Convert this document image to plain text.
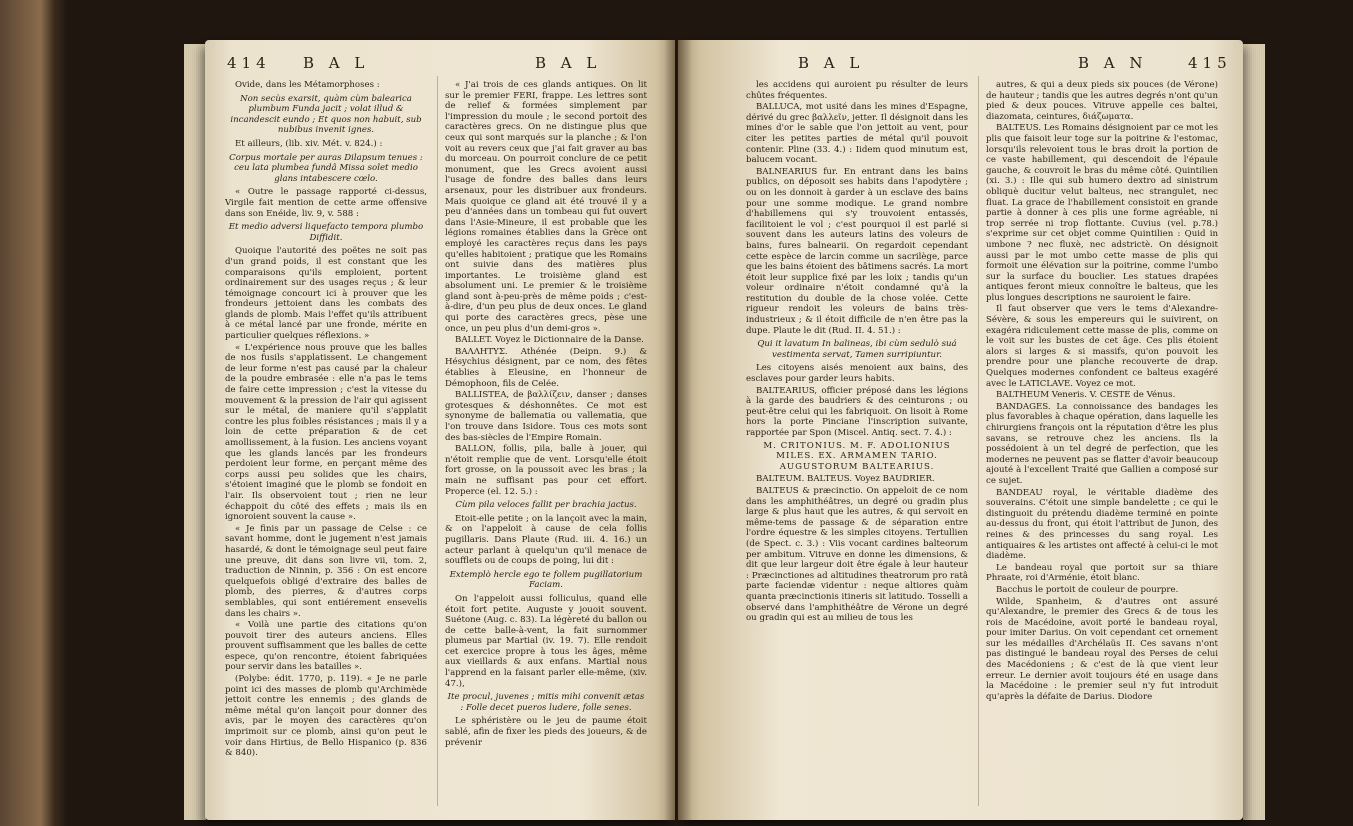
414 B A L	B A L

Ovide, dans les Métamorphoses :

Non secùs exarsit, quàm cùm balearica plumbum Funda jacit ; volat illud & incandescit eundo ; Et quos non habuit, sub nubibus invenit ignes.

Et ailleurs, (lib. xiv. Mét. v. 824.) :

Corpus mortale per auras Dilapsum tenues : ceu lata plumbea fundâ Missa solet medio glans intabescere cœlo.

« Outre le passage rapporté ci-dessus, Virgile fait mention de cette arme offensive dans son Enéide, liv. 9, v. 588 :

Et medio adversi liquefacto tempora plumbo Diffidit.

Quoique l'autorité des poëtes ne soit pas d'un grand poids, il est constant que les comparaisons qu'ils emploient, portent ordinairement sur des usages reçus ; & leur témoignage concourt ici à prouver que les frondeurs jettoient dans les combats des glands de plomb. Mais l'effet qu'ils attribuent à ce métal lancé par une fronde, mérite en particulier quelques réflexions. »

« L'expérience nous prouve que les balles de nos fusils s'applatissent. Le changement de leur forme n'est pas causé par la chaleur de la poudre embrasée : elle n'a pas le tems de faire cette impression ; c'est la vitesse du mouvement & la pression de l'air qui agissent sur le métal, de maniere qu'il s'applatit contre les plus foibles résistances ; mais il y a loin de cette préparation & de cet amollissement, à la fusion. Les anciens voyant que les glands lancés par les frondeurs perdoient leur forme, en perçant même des corps aussi peu solides que les chairs, s'étoient imaginé que le plomb se fondoit en l'air. Ils observoient tout ; rien ne leur échappoit du côté des effets ; mais ils en ignoroient souvent la cause ».

« Je finis par un passage de Celse : ce savant homme, dont le jugement n'est jamais hasardé, & dont le témoignage seul peut faire une preuve, dit dans son livre vii, tom. 2, traduction de Ninnin, p. 356 : On est encore quelquefois obligé d'extraire des balles de plomb, des pierres, & d'autres corps semblables, qui sont entiérement ensevelis dans les chairs ».

« Voilà une partie des citations qu'on pouvoit tirer des auteurs anciens. Elles prouvent suffisamment que les balles de cette espece, qu'on rencontre, étoient fabriquées pour servir dans les batailles ».

(Polybe: édit. 1770, p. 119). « Je ne parle point ici des masses de plomb qu'Archimède jettoit contre les ennemis ; des glands de même métal qu'on lançoit pour donner des avis, par le moyen des caractères qu'on imprimoit sur ce plomb, ainsi qu'on peut le voir dans Hirtius, de Bello Hispanico (p. 836 & 840).

« J'ai trois de ces glands antiques. On lit sur le premier FERI, frappe. Les lettres sont de relief & formées simplement par l'impression du moule ; le second portoit des caractères grecs. On ne distingue plus que ceux qui sont marqués sur la planche ; & l'on voit au revers ceux que j'ai fait graver au bas du morceau. On pourroit conclure de ce petit monument, que les Grecs avoient aussi l'usage de fondre des balles dans leurs arsenaux, pour les distribuer aux frondeurs. Mais quoique ce gland ait été trouvé il y a peu d'années dans un tombeau qui fut ouvert dans l'Asie-Mineure, il est probable que les légions romaines établies dans la Grèce ont employé les caractères reçus dans les pays qu'elles habitoient ; pratique que les Romains ont suivie dans des matières plus importantes. Le troisième gland est absolument uni. Le premier & le troisième gland sont à-peu-près de même poids ; c'est-à-dire, d'un peu plus de deux onces. Le gland qui porte des caractères grecs, pèse une once, un peu plus d'un demi-gros ».

BALLET. Voyez le Dictionnaire de la Danse.

ΒΑΛΛΗΤΥΣ. Athénée (Deipn. 9.) & Hésychius désignent, par ce nom, des fêtes établies à Eleusine, en l'honneur de Démophoon, fils de Celée.

BALLISTEA, de βαλλίζειν, danser ; danses grotesques & déshonnêtes. Ce mot est synonyme de ballematia ou vallematia, que l'on trouve dans Isidore. Tous ces mots sont des bas-siècles de l'Empire Romain.

BALLON, follis, pila, balle à jouer, qui n'étoit remplie que de vent. Lorsqu'elle étoit fort grosse, on la poussoit avec les bras ; la main ne suffisant pas pour cet effort. Properce (el. 12. 5.) :

Cùm pila veloces fallit per brachia jactus.

Etoit-elle petite ; on la lançoit avec la main, & on l'appeloit à cause de cela follis pugillaris. Dans Plaute (Rud. iii. 4. 16.) un acteur parlant à quelqu'un qu'il menace de soufflets ou de coups de poing, lui dit :

Extemplò hercle ego te follem pugillatorium Faciam.

On l'appeloit aussi folliculus, quand elle étoit fort petite. Auguste y jouoit souvent. Suétone (Aug. c. 83). La légèreté du ballon ou de cette balle-à-vent, la fait surnommer plumeus par Martial (iv. 19. 7). Elle rendoit cet exercice propre à tous les âges, même aux vieillards & aux enfans. Martial nous l'apprend en la faisant parler elle-même, (xiv. 47.),

Ite procul, juvenes ; mitis mihi convenit ætas : Folle decet pueros ludere, folle senes.

Le sphéristère ou le jeu de paume étoit sablé, afin de fixer les pieds des joueurs, & de prévenir

B A L	B A N	415

les accidens qui auroient pu résulter de leurs chûtes fréquentes.

BALLUCA, mot usité dans les mines d'Espagne, dérivé du grec βαλλεῖν, jetter. Il désignoit dans les mines d'or le sable que l'on jettoit au vent, pour citer les petites parties de métal qu'il pouvoit contenir. Pline (33. 4.) : Iidem quod minutum est, balucem vocant.

BALNEARIUS fur. En entrant dans les bains publics, on déposoit ses habits dans l'apodytère ; ou on les donnoit à garder à un esclave des bains pour une somme modique. Le grand nombre d'habillemens qui s'y trouvoient entassés, facilitoient le vol ; c'est pourquoi il est parlé si souvent dans les auteurs latins des voleurs de bains, fures balnearii. On regardoit cependant cette espèce de larcin comme un sacrilège, parce que les bains étoient des bâtimens sacrés. La mort étoit leur supplice fixé par les loix ; tandis qu'un voleur ordinaire n'étoit condamné qu'à la restitution du double de la chose volée. Cette rigueur rendoit les voleurs de bains très-industrieux ; & il étoit difficile de n'en être pas la dupe. Plaute le dit (Rud. II. 4. 51.) :

Qui it lavatum In balineas, ibi cùm sedulò suá vestimenta servat, Tamen surripiuntur.

Les citoyens aisés menoient aux bains, des esclaves pour garder leurs habits.

BALTEARIUS, officier préposé dans les légions à la garde des baudriers & des ceinturons ; ou peut-être celui qui les fabriquoit. On lisoit à Rome hors la porte Pinciane l'inscription suivante, rapportée par Spon (Miscel. Antiq. sect. 7. 4.) :

M. CRITONIUS. M. F. ADOLIONIUS MILES. EX. ARMAMEN TARIO. AUGUSTORUM BALTEARIUS.

BALTEUM. BALTEUS. Voyez BAUDRIER.

BALTEUS & præcinctio. On appeloit de ce nom dans les amphithéâtres, un degré ou gradin plus large & plus haut que les autres, & qui servoit en même-tems de passage & de séparation entre l'ordre équestre & les simples citoyens. Tertullien (de Spect. c. 3.) : Viis vocant cardines balteorum per ambitum. Vitruve en donne les dimensions, & dit que leur largeur doit être égale à leur hauteur : Præcinctiones ad altitudines theatrorum pro ratâ parte faciendæ videntur : neque altiores quàm quanta præcinctionis itineris sit latitudo. Tosselli a observé dans l'amphithéâtre de Vérone un degré ou gradin qui est au milieu de tous les

autres, & qui a deux pieds six pouces (de Vérone) de hauteur ; tandis que les autres degrés n'ont qu'un pied & deux pouces. Vitruve appelle ces baltei, diazomata, ceintures, διάζωματα.

BALTEUS. Les Romains désignoient par ce mot les plis que faisoit leur toge sur la poitrine & l'estomac, lorsqu'ils relevoient tous le bras droit la portion de ce vaste habillement, qui descendoit de l'épaule gauche, & couvroit le bras du même côté. Quintilien (xi. 3.) : Ille qui sub humero dextro ad sinistrum obliquè ducitur velut balteus, nec strangulet, nec fluat. La grace de l'habillement consistoit en grande partie à donner à ces plis une forme agréable, ni trop serrée ni trop flottante. Cuvius (vel. p.78.) s'exprime sur cet objet comme Quintilien : Quid in umbone ? nec fluxè, nec adstrictè. On désignoit aussi par le mot umbo cette masse de plis qui formoit une élévation sur la poitrine, comme l'umbo sur la surface du bouclier. Les statues drapées antiques feront mieux connoître le balteus, que les plus longues descriptions ne sauroient le faire.

Il faut observer que vers le tems d'Alexandre-Sévère, & sous les empereurs qui le suivirent, on exagéra ridiculement cette masse de plis, comme on le voit sur les bustes de cet âge. Ces plis étoient alors si larges & si massifs, qu'on pouvoit les prendre pour une planche recouverte de drap. Quelques modernes confondent ce balteus exagéré avec le LATICLAVE. Voyez ce mot.

BALTHEUM Veneris. V. CESTE de Vénus.

BANDAGES. La connoissance des bandages les plus favorables à chaque opération, dans laquelle les chirurgiens françois ont la réputation d'être les plus savans, se retrouve chez les anciens. Ils la possédoient à un tel degré de perfection, que les modernes ne peuvent pas se flatter d'avoir beaucoup ajouté à l'excellent Traité que Gallien a composé sur ce sujet.

BANDEAU royal, le véritable diadème des souverains. C'étoit une simple bandelette ; ce qui le distinguoit du prétendu diadème terminé en pointe au-dessus du front, qui étoit l'attribut de Junon, des reines & des princesses du sang royal. Les antiquaires & les artistes ont affecté à celui-ci le mot diadème.

Le bandeau royal que portoit sur sa thiare Phraate, roi d'Arménie, étoit blanc.

Bacchus le portoit de couleur de pourpre.

Wilde, Spanheim, & d'autres ont assuré qu'Alexandre, le premier des Grecs & de tous les rois de Macédoine, avoit porté le bandeau royal, pour imiter Darius. On voit cependant cet ornement sur les médailles d'Archélaüs II. Ces savans n'ont pas distingué le bandeau royal des Perses de celui des Macédoniens ; & c'est de là que vient leur erreur. Le dernier avoit toujours été en usage dans la Macédoine : le premier seul n'y fut introduit qu'après la défaite de Darius. Diodore
